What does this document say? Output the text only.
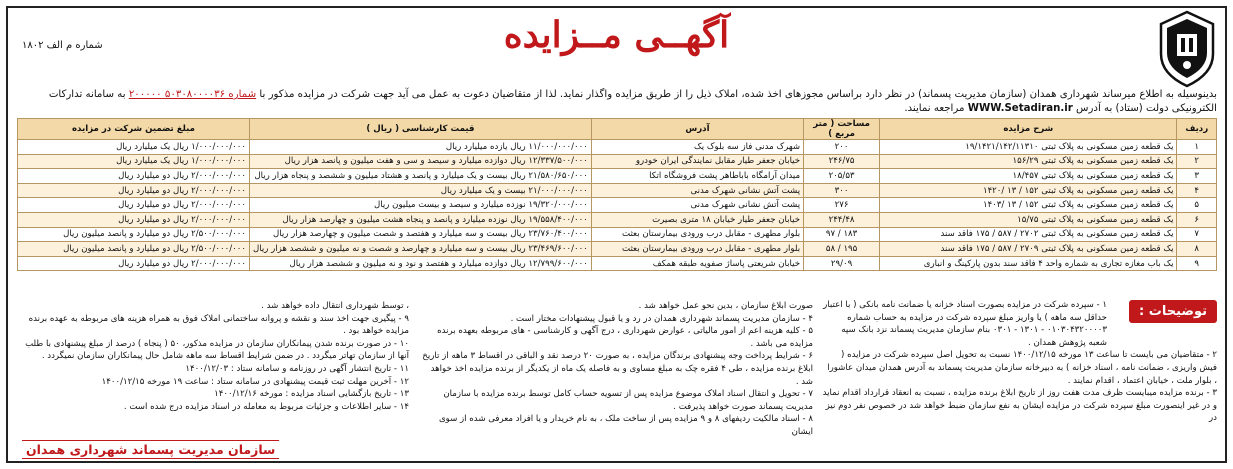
شماره م الف ۱۸۰۲	آگهــی مــزایده
بدینوسیله به اطلاع میرساند شهرداری همدان (سازمان مدیریت پسماند) در نظر دارد براساس مجوزهای اخذ شده، املاک ذیل را از طریق مزایده واگذار نماید. لذا از متقاضیان دعوت به عمل می آید جهت شرکت در مزایده مذکور با شماره ۵۰۳۰۸۰۰۰۰۳۶ ۲۰۰۰۰۰ به سامانه تدارکات الکترونیکی دولت (ستاد) به آدرس WWW.Setadiran.ir مراجعه نمایند.
ردیف	شرح مزایده	مساحت ( متر مربع )	آدرس	قیمت کارشناسی ( ریال )	مبلغ تضمین شرکت در مزایده
۱	یک قطعه زمین مسکونی به پلاک ثبتی ۱۹/۱۴۲۱/۱۴۲/۱۱۳۱۰	۲۰۰	شهرک مدنی فاز سه بلوک یک	۱۱/۰۰۰/۰۰۰/۰۰۰ ریال یازده میلیارد ریال	۱/۰۰۰/۰۰۰/۰۰۰ ریال یک میلیارد ریال
۲	یک قطعه زمین مسکونی به پلاک ثبتی ۱۵۶/۲۹	۲۴۶/۷۵	خیابان جعفر طیار مقابل نمایندگی ایران خودرو	۱۲/۳۳۷/۵۰۰/۰۰۰ ریال دوازده میلیارد و سیصد و سی و هفت میلیون و پانصد هزار ریال	۱/۰۰۰/۰۰۰/۰۰۰ ریال یک میلیارد ریال
۳	یک قطعه زمین مسکونی به پلاک ثبتی ۱۸/۴۵۷	۲۰۵/۵۳	میدان آرامگاه باباطاهر پشت فروشگاه اتکا	۲۱/۵۸۰/۶۵۰/۰۰۰ ریال بیست و یک میلیارد و پانصد و هشتاد میلیون و ششصد و پنجاه هزار ریال	۲/۰۰۰/۰۰۰/۰۰۰ ریال دو میلیارد ریال
۴	یک قطعه زمین مسکونی به پلاک ثبتی ۱۵۲ / ۱۳ /۱۴۲۰	۳۰۰	پشت آتش نشانی شهرک مدنی	۲۱/۰۰۰/۰۰۰/۰۰۰ بیست و یک میلیارد ریال	۲/۰۰۰/۰۰۰/۰۰۰ ریال دو میلیارد ریال
۵	یک قطعه زمین مسکونی به پلاک ثبتی ۱۵۲ / ۱۳ /۱۴۰۳	۲۷۶	پشت آتش نشانی شهرک مدنی	۱۹/۳۲۰/۰۰۰/۰۰۰ نوزده میلیارد و سیصد و بیست میلیون ریال	۲/۰۰۰/۰۰۰/۰۰۰ ریال دو میلیارد ریال
۶	یک قطعه زمین مسکونی به پلاک ثبتی ۱۵/۷۵	۲۴۴/۴۸	خیابان جعفر طیار خیابان ۱۸ متری بصیرت	۱۹/۵۵۸/۴۰۰/۰۰۰ ریال نوزده میلیارد و پانصد و پنجاه هشت میلیون و چهارصد هزار ریال	۲/۰۰۰/۰۰۰/۰۰۰ ریال دو میلیارد ریال
۷	یک قطعه زمین مسکونی به پلاک ثبتی ۲۷۰۲ / ۵۸۷ / ۱۷۵ فاقد سند	۱۸۳ / ۹۷	بلوار مطهری - مقابل درب ورودی بیمارستان بعثت	۲۳/۷۶۰/۴۰۰/۰۰۰ ریال بیست و سه میلیارد و هفتصد و شصت میلیون و چهارصد هزار ریال	۲/۵۰۰/۰۰۰/۰۰۰ ریال دو میلیارد و پانصد میلیون ریال
۸	یک قطعه زمین مسکونی به پلاک ثبتی ۲۷۰۹ / ۵۸۷ / ۱۷۵ فاقد سند	۱۹۵ / ۵۸	بلوار مطهری - مقابل درب ورودی بیمارستان بعثت	۲۳/۴۶۹/۶۰۰/۰۰۰ ریال بیست و سه میلیارد و چهارصد و شصت و نه میلیون و ششصد هزار ریال	۲/۵۰۰/۰۰۰/۰۰۰ ریال دو میلیارد و پانصد میلیون ریال
۹	یک باب مغازه تجاری به شماره واحد ۴ فاقد سند بدون پارکینگ و انباری	۲۹/۰۹	خیابان شریعتی پاساژ صفویه طبقه همکف	۱۲/۷۹۹/۶۰۰/۰۰۰ ریال دوازده میلیارد و هفتصد و نود و نه میلیون و ششصد هزار ریال	۲/۰۰۰/۰۰۰/۰۰۰ ریال دو میلیارد ریال
توضیحات :

۱ - سپرده شرکت در مزایده بصورت اسناد خزانه یا ضمانت نامه بانکی ( با اعتبار حداقل سه ماهه ) یا واریز مبلغ سپرده شرکت در مزایده به حساب شماره ۰۱۰۳۰۴۳۲۰۰۰۰۳ - ۱۳۰۱ - ۰۳۰۱ بنام سازمان مدیریت پسماند نزد بانک سپه شعبه پژوهش همدان .

۲ - متقاضیان می بایست تا ساعت ۱۳ مورخه ۱۴۰۰/۱۲/۱۵ نسبت به تحویل اصل سپرده شرکت در مزایده ( فیش واریزی ، ضمانت نامه ، اسناد خزانه ) به دبیرخانه سازمان مدیریت پسماند به آدرس همدان میدان عاشورا ، بلوار ملت ، خیابان اعتماد ، اقدام نمایند .

۳ - برنده مزایده میبایست ظرف مدت هفت روز از تاریخ ابلاغ برنده مزایده ، نسبت به انعقاد قرارداد اقدام نماید و در غیر اینصورت مبلغ سپرده شرکت در مزایده ایشان به نفع سازمان ضبط خواهد شد در خصوص نفر دوم نیز در

صورت ابلاغ سازمان ، بدین نحو عمل خواهد شد .

۴ - سازمان مدیریت پسماند شهرداری همدان در رد و یا قبول پیشنهادات مختار است .

۵ - کلیه هزینه اعم از امور مالیاتی ، عوارض شهرداری ، درج آگهی و کارشناسی - های مربوطه بعهده برنده مزایده می باشد .

۶ - شرایط پرداخت وجه پیشنهادی برندگان مزایده ، به صورت ۲۰ درصد نقد و الباقی در اقساط ۳ ماهه از تاریخ ابلاغ برنده مزایده ، طی ۴ فقره چک به مبلغ مساوی و به فاصله یک ماه از یکدیگر از برنده مزایده اخذ خواهد شد .

۷ - تحویل و انتقال اسناد املاک موضوع مزایده پس از تسویه حساب کامل توسط برنده مزایده با سازمان مدیریت پسماند صورت خواهد پذیرفت .

۸ - اسناد مالکیت ردیفهای ۸ و ۹ مزایده پس از ساخت ملک ، به نام خریدار و یا افراد معرفی شده از سوی ایشان

، توسط شهرداری انتقال داده خواهد شد .

۹ - پیگیری جهت اخذ سند و نقشه و پروانه ساختمانی املاک فوق به همراه هزینه های مربوطه به عهده برنده مزایده خواهد بود .

۱۰ - در صورت برنده شدن پیمانکاران سازمان در مزایده مذکور، ۵۰ ( پنجاه ) درصد از مبلغ پیشنهادی با طلب آنها از سازمان تهاتر میگردد . در ضمن شرایط اقساط سه ماهه شامل حال پیمانکاران سازمان نمیگردد .

۱۱ - تاریخ انتشار آگهی در روزنامه و سامانه ستاد : ۱۴۰۰/۱۲/۰۳

۱۲ - آخرین مهلت ثبت قیمت پیشنهادی در سامانه ستاد : ساعت ۱۹ مورخه ۱۴۰۰/۱۲/۱۵

۱۳ - تاریخ بازگشایی اسناد مزایده : مورخه ۱۴۰۰/۱۲/۱۶

۱۴ - سایر اطلاعات و جزئیات مربوط به معامله در اسناد مزایده درج شده است .

سازمان مدیریت پسماند شهرداری همدان
